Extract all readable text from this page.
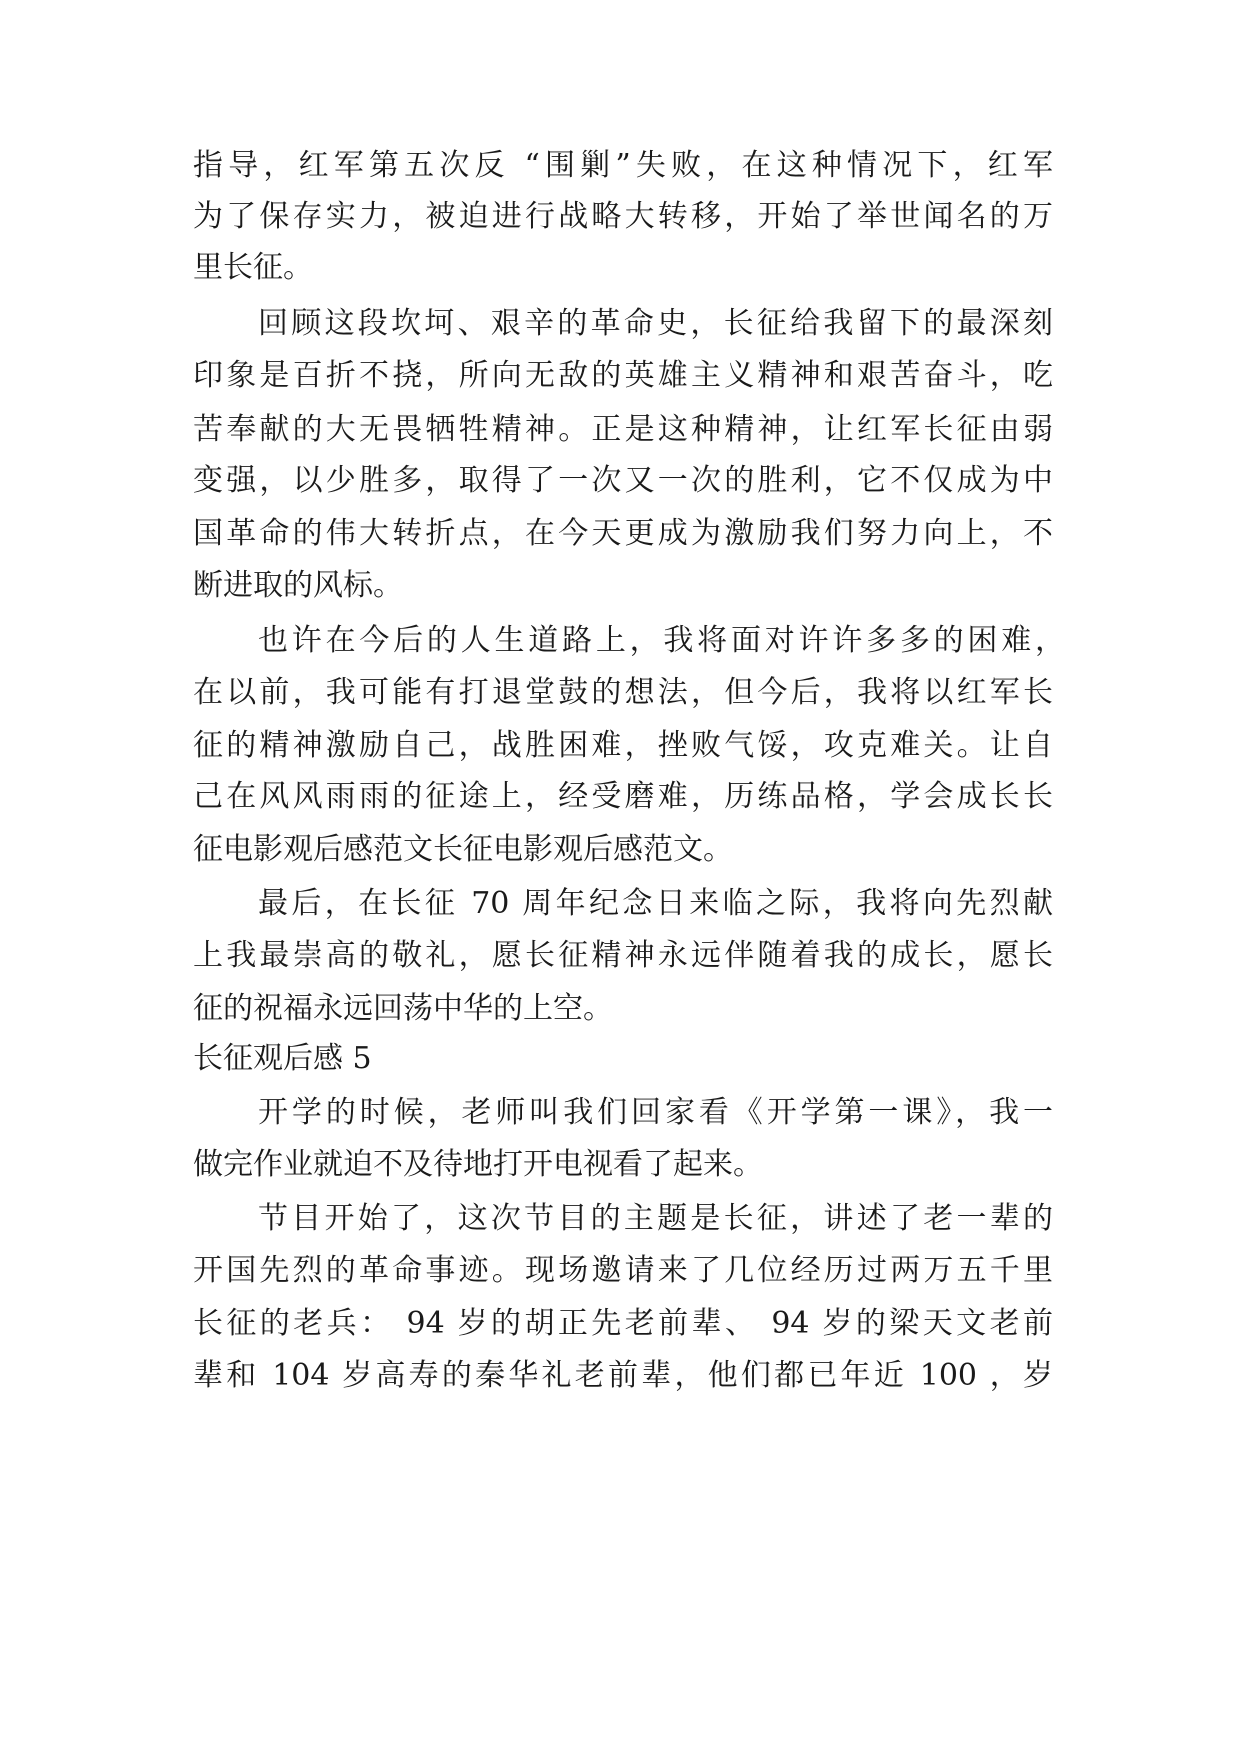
指导，红军第五次反 “围剿”失败，在这种情况下，红军
为了保存实力，被迫进行战略大转移，开始了举世闻名的万
里长征。
回顾这段坎坷、艰辛的革命史，长征给我留下的最深刻
印象是百折不挠，所向无敌的英雄主义精神和艰苦奋斗，吃
苦奉献的大无畏牺牲精神。正是这种精神，让红军长征由弱
变强，以少胜多，取得了一次又一次的胜利，它不仅成为中
国革命的伟大转折点，在今天更成为激励我们努力向上，不
断进取的风标。
也许在今后的人生道路上，我将面对许许多多的困难，
在以前，我可能有打退堂鼓的想法，但今后，我将以红军长
征的精神激励自己，战胜困难，挫败气馁，攻克难关。让自
己在风风雨雨的征途上，经受磨难，历练品格，学会成长长
征电影观后感范文长征电影观后感范文。
最后，在长征 70 周年纪念日来临之际，我将向先烈献
上我最崇高的敬礼，愿长征精神永远伴随着我的成长，愿长
征的祝福永远回荡中华的上空。
长征观后感 5
开学的时候，老师叫我们回家看《开学第一课》，我一
做完作业就迫不及待地打开电视看了起来。
节目开始了，这次节目的主题是长征，讲述了老一辈的
开国先烈的革命事迹。现场邀请来了几位经历过两万五千里
长征的老兵： 94 岁的胡正先老前辈、 94 岁的梁天文老前
辈和 104 岁高寿的秦华礼老前辈，他们都已年近 100 ，岁
